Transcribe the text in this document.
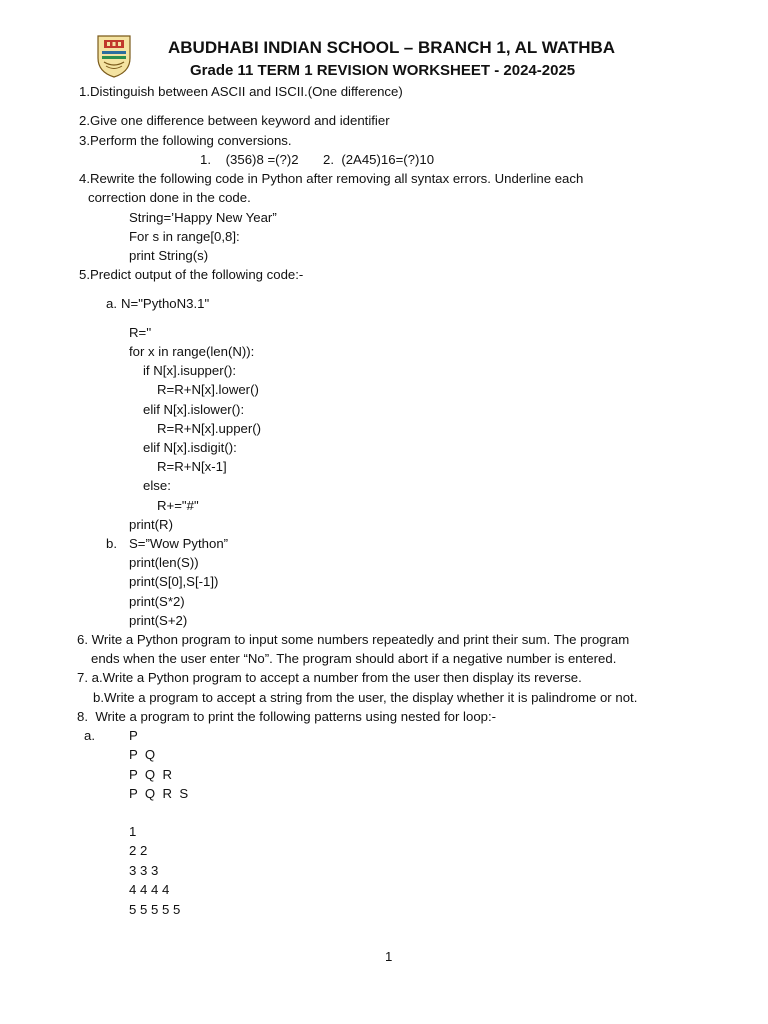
ABUDHABI INDIAN SCHOOL – BRANCH 1, AL WATHBA
Grade 11 TERM 1 REVISION WORKSHEET - 2024-2025
1.Distinguish between ASCII and ISCII.(One difference)
2.Give one difference between keyword and identifier
3.Perform the following conversions.
1.    (356)8 =(?)2 2.  (2A45)16=(?)10
4.Rewrite the following code in Python after removing all syntax errors. Underline each
correction done in the code.
String=’Happy New Year”
For s in range[0,8]:
print String(s)
5.Predict output of the following code:-
a. N="PythoN3.1"
R=''
for x in range(len(N)):
if N[x].isupper():
R=R+N[x].lower()
elif N[x].islower():
R=R+N[x].upper()
elif N[x].isdigit():
R=R+N[x-1]
else:
R+="#"
print(R)
b. S=”Wow Python”
print(len(S))
print(S[0],S[-1])
print(S*2)
print(S+2)
6. Write a Python program to input some numbers repeatedly and print their sum. The program
ends when the user enter “No”. The program should abort if a negative number is entered.
7. a.Write a Python program to accept a number from the user then display its reverse.
b.Write a program to accept a string from the user, the display whether it is palindrome or not.
8.  Write a program to print the following patterns using nested for loop:-
a.	P
P  Q
P  Q  R
P  Q  R  S
1
2 2
3 3 3
4 4 4 4
5 5 5 5 5
1
